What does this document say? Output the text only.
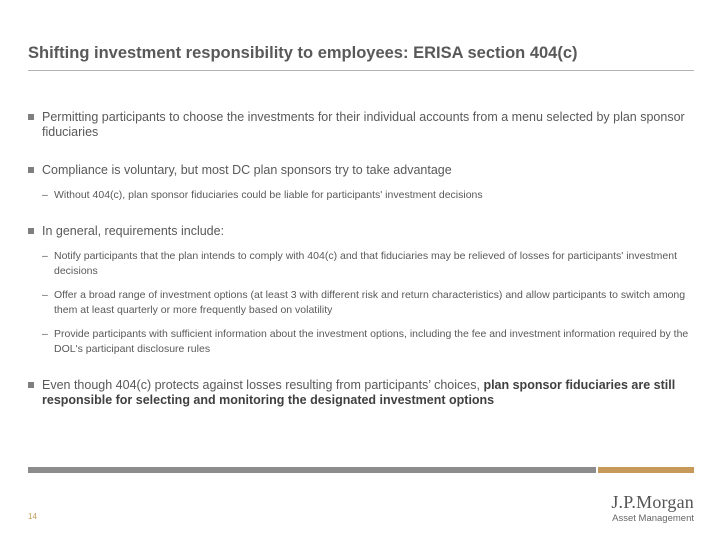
Shifting investment responsibility to employees: ERISA section 404(c)
Permitting participants to choose the investments for their individual accounts from a menu selected by plan sponsor fiduciaries
Compliance is voluntary, but most DC plan sponsors try to take advantage
– Without 404(c), plan sponsor fiduciaries could be liable for participants' investment decisions
In general, requirements include:
– Notify participants that the plan intends to comply with 404(c) and that fiduciaries may be relieved of losses for participants' investment decisions
– Offer a broad range of investment options (at least 3 with different risk and return characteristics) and allow participants to switch among them at least quarterly or more frequently based on volatility
– Provide participants with sufficient information about the investment options, including the fee and investment information required by the DOL's participant disclosure rules
Even though 404(c) protects against losses resulting from participants’ choices, plan sponsor fiduciaries are still responsible for selecting and monitoring the designated investment options
14
J.P.Morgan
Asset Management
